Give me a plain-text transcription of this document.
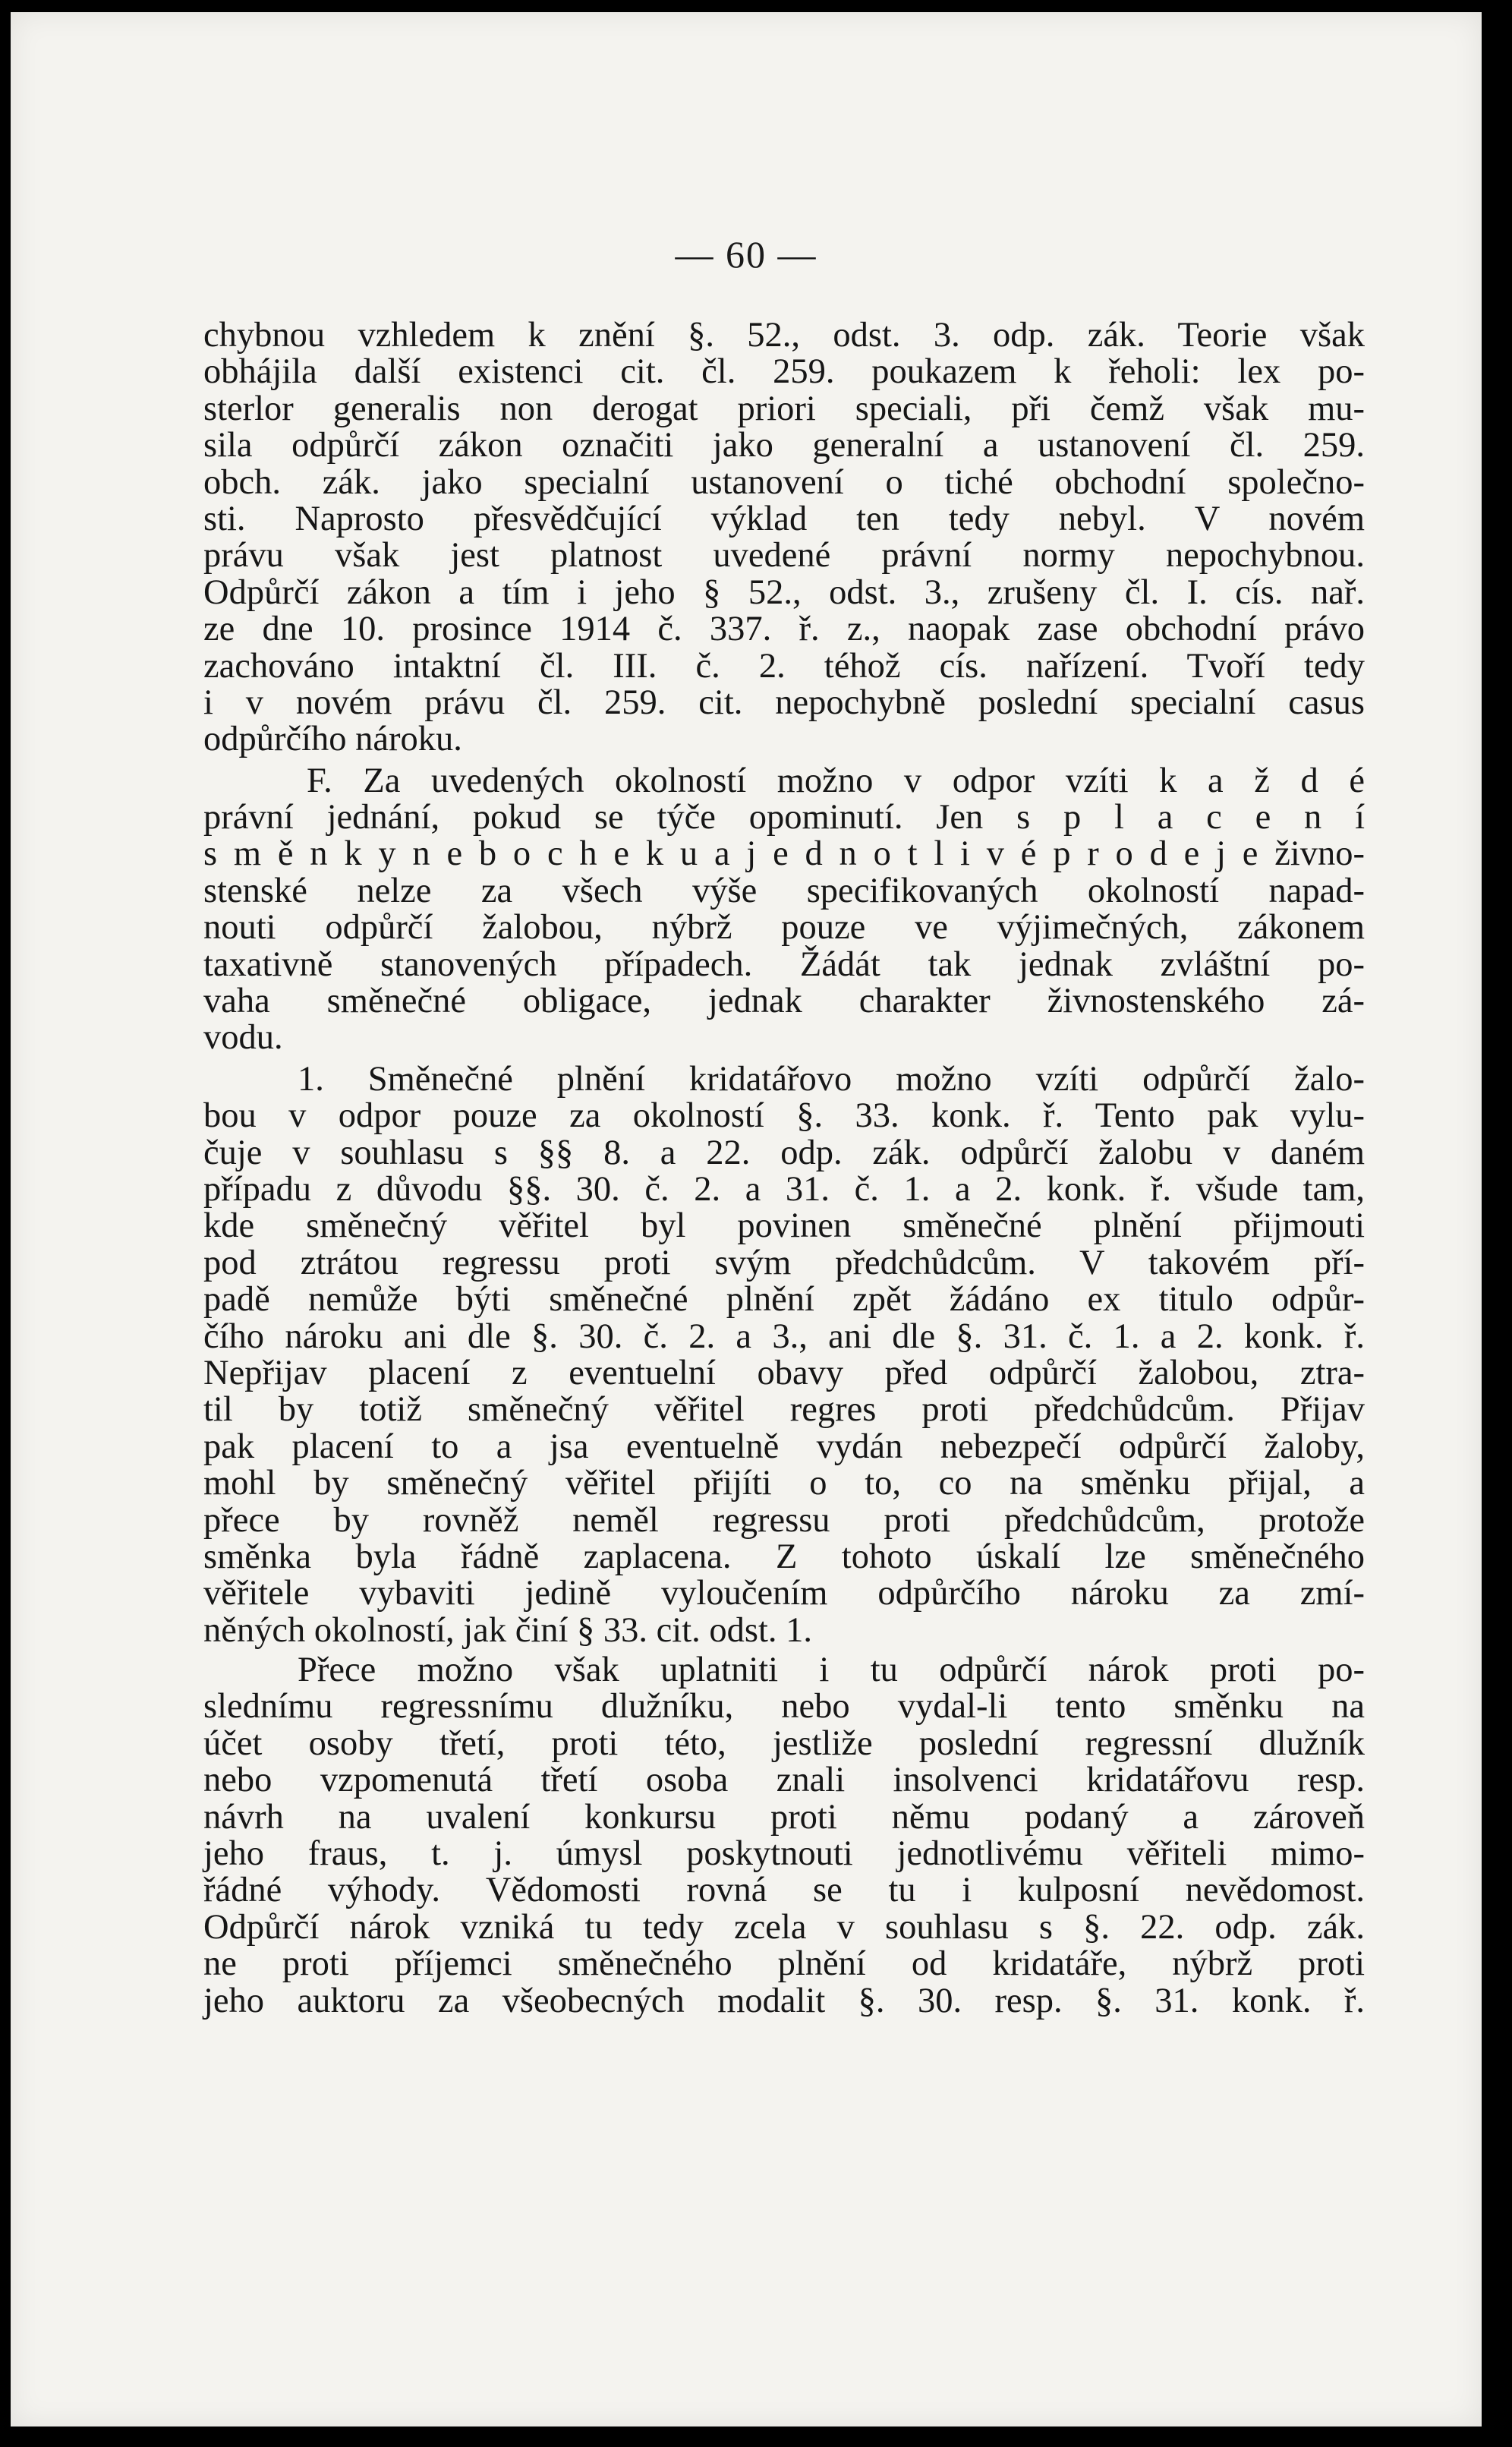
— 60 —
chybnou vzhledem k znění §. 52., odst. 3. odp. zák. Teorie však
obhájila další existenci cit. čl. 259. poukazem k řeholi: lex po-
sterlor generalis non derogat priori speciali, při čemž však mu-
sila odpůrčí zákon označiti jako generalní a ustanovení čl. 259.
obch. zák. jako specialní ustanovení o tiché obchodní společno-
sti. Naprosto přesvědčující výklad ten tedy nebyl. V novém
právu však jest platnost uvedené právní normy nepochybnou.
Odpůrčí zákon a tím i jeho § 52., odst. 3., zrušeny čl. I. cís. nař.
ze dne 10. prosince 1914 č. 337. ř. z., naopak zase obchodní právo
zachováno intaktní čl. III. č. 2. téhož cís. nařízení. Tvoří tedy
i v novém právu čl. 259. cit. nepochybně poslední specialní casus
odpůrčího nároku.
F. Za uvedených okolností možno v odpor vzíti k a ž d é
právní jednání, pokud se týče opominutí. Jen s p l a c e n í
s m ě n k y n e b o c h e k u a j e d n o t l i v é p r o d e j e živno-
stenské nelze za všech výše specifikovaných okolností napad-
nouti odpůrčí žalobou, nýbrž pouze ve výjimečných, zákonem
taxativně stanovených případech. Žádát tak jednak zvláštní po-
vaha směnečné obligace, jednak charakter živnostenského zá-
vodu.
1. Směnečné plnění kridatářovo možno vzíti odpůrčí žalo-
bou v odpor pouze za okolností §. 33. konk. ř. Tento pak vylu-
čuje v souhlasu s §§ 8. a 22. odp. zák. odpůrčí žalobu v daném
případu z důvodu §§. 30. č. 2. a 31. č. 1. a 2. konk. ř. všude tam,
kde směnečný věřitel byl povinen směnečné plnění přijmouti
pod ztrátou regressu proti svým předchůdcům. V takovém pří-
padě nemůže býti směnečné plnění zpět žádáno ex titulo odpůr-
čího nároku ani dle §. 30. č. 2. a 3., ani dle §. 31. č. 1. a 2. konk. ř.
Nepřijav placení z eventuelní obavy před odpůrčí žalobou, ztra-
til by totiž směnečný věřitel regres proti předchůdcům. Přijav
pak placení to a jsa eventuelně vydán nebezpečí odpůrčí žaloby,
mohl by směnečný věřitel přijíti o to, co na směnku přijal, a
přece by rovněž neměl regressu proti předchůdcům, protože
směnka byla řádně zaplacena. Z tohoto úskalí lze směnečného
věřitele vybaviti jedině vyloučením odpůrčího nároku za zmí-
něných okolností, jak činí § 33. cit. odst. 1.
Přece možno však uplatniti i tu odpůrčí nárok proti po-
slednímu regressnímu dlužníku, nebo vydal-li tento směnku na
účet osoby třetí, proti této, jestliže poslední regressní dlužník
nebo vzpomenutá třetí osoba znali insolvenci kridatářovu resp.
návrh na uvalení konkursu proti němu podaný a zároveň
jeho fraus, t. j. úmysl poskytnouti jednotlivému věřiteli mimo-
řádné výhody. Vědomosti rovná se tu i kulposní nevědomost.
Odpůrčí nárok vzniká tu tedy zcela v souhlasu s §. 22. odp. zák.
ne proti příjemci směnečného plnění od kridatáře, nýbrž proti
jeho auktoru za všeobecných modalit §. 30. resp. §. 31. konk. ř.
